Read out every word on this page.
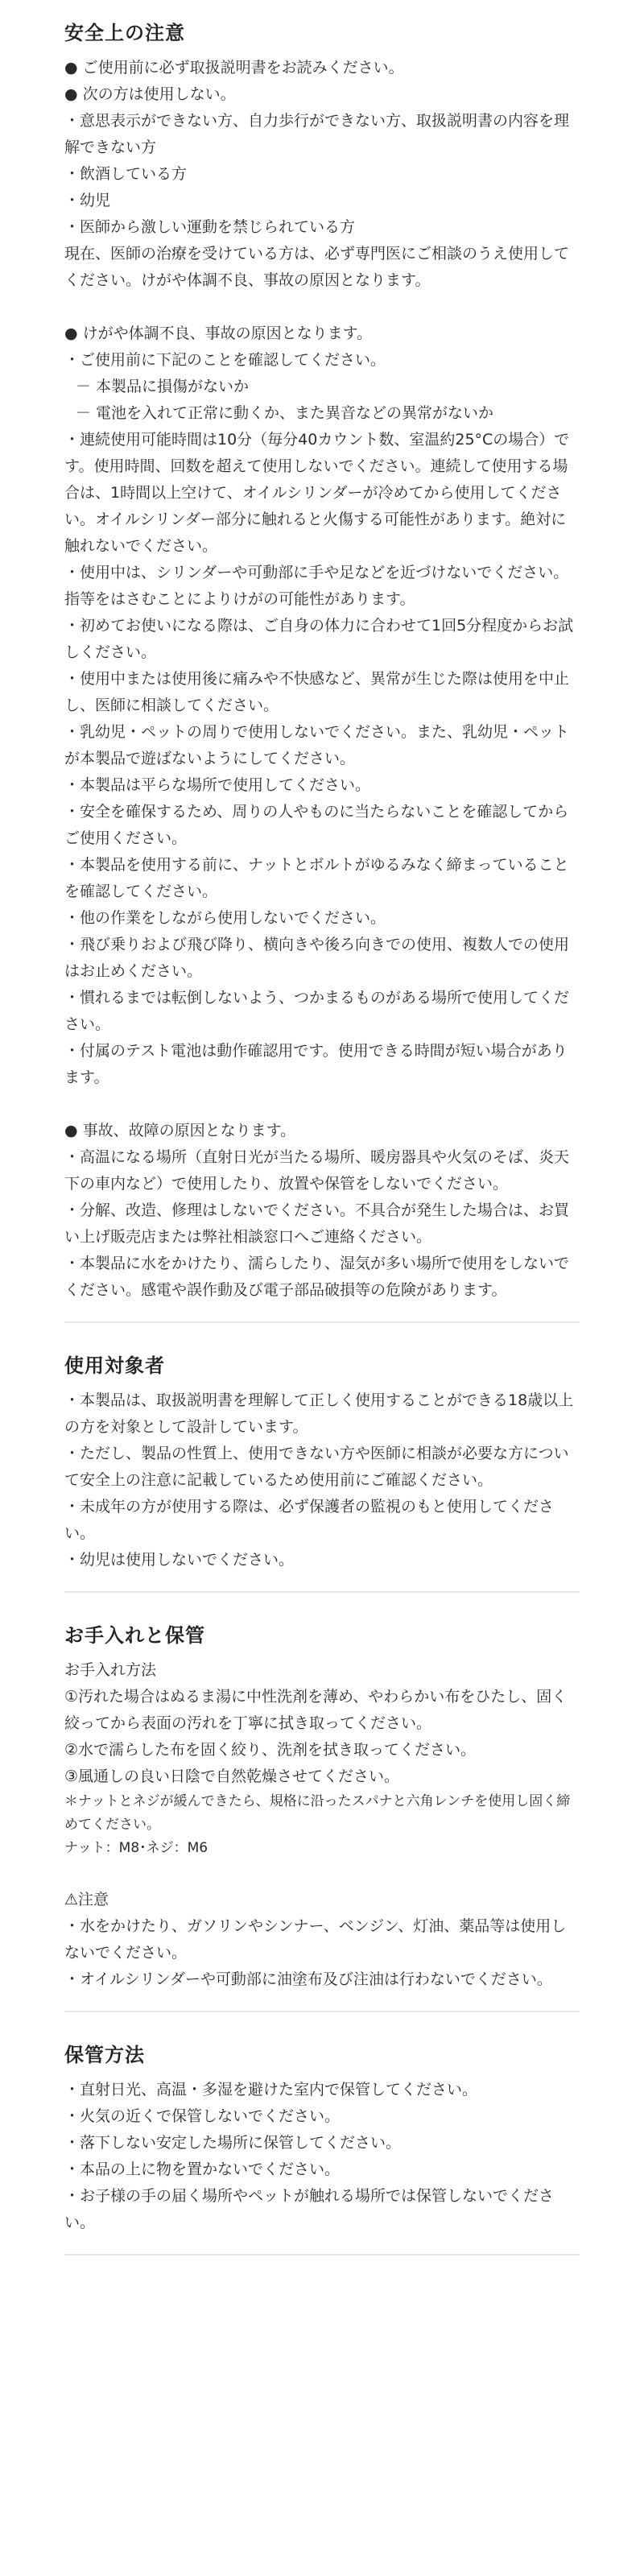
安全上の注意

● ご使用前に必ず取扱説明書をお読みください。

● 次の方は使用しない。

・意思表示ができない方、自力歩行ができない方、取扱説明書の内容を理解できない方

・飲酒している方

・幼児

・医師から激しい運動を禁じられている方

現在、医師の治療を受けている方は、必ず専門医にご相談のうえ使用してください。けがや体調不良、事故の原因となります。

● けがや体調不良、事故の原因となります。

・ご使用前に下記のことを確認してください。

－ 本製品に損傷がないか

－ 電池を入れて正常に動くか、また異音などの異常がないか

・連続使用可能時間は10分（毎分40カウント数、室温約25°Cの場合）です。使用時間、回数を超えて使用しないでください。連続して使用する場合は、1時間以上空けて、オイルシリンダーが冷めてから使用してください。オイルシリンダー部分に触れると火傷する可能性があります。絶対に触れないでください。

・使用中は、シリンダーや可動部に手や足などを近づけないでください。指等をはさむことによりけがの可能性があります。

・初めてお使いになる際は、ご自身の体力に合わせて1回5分程度からお試しください。

・使用中または使用後に痛みや不快感など、異常が生じた際は使用を中止し、医師に相談してください。

・乳幼児・ペットの周りで使用しないでください。また、乳幼児・ペットが本製品で遊ばないようにしてください。

・本製品は平らな場所で使用してください。

・安全を確保するため、周りの人やものに当たらないことを確認してからご使用ください。

・本製品を使用する前に、ナットとボルトがゆるみなく締まっていることを確認してください。

・他の作業をしながら使用しないでください。

・飛び乗りおよび飛び降り、横向きや後ろ向きでの使用、複数人での使用はお止めください。

・慣れるまでは転倒しないよう、つかまるものがある場所で使用してください。

・付属のテスト電池は動作確認用です。使用できる時間が短い場合があります。

● 事故、故障の原因となります。

・高温になる場所（直射日光が当たる場所、暖房器具や火気のそば、炎天下の車内など）で使用したり、放置や保管をしないでください。

・分解、改造、修理はしないでください。不具合が発生した場合は、お買い上げ販売店または弊社相談窓口へご連絡ください。

・本製品に水をかけたり、濡らしたり、湿気が多い場所で使用をしないでください。感電や誤作動及び電子部品破損等の危険があります。

使用対象者

・本製品は、取扱説明書を理解して正しく使用することができる18歳以上の方を対象として設計しています。

・ただし、製品の性質上、使用できない方や医師に相談が必要な方について安全上の注意に記載しているため使用前にご確認ください。

・未成年の方が使用する際は、必ず保護者の監視のもと使用してください。

・幼児は使用しないでください。

お手入れと保管

お手入れ方法

①汚れた場合はぬるま湯に中性洗剤を薄め、やわらかい布をひたし、固く絞ってから表面の汚れを丁寧に拭き取ってください。

②水で濡らした布を固く絞り、洗剤を拭き取ってください。

③風通しの良い日陰で自然乾燥させてください。

＊ナットとネジが緩んできたら、規格に沿ったスパナと六角レンチを使用し固く締めてください。

ナット：M8･ネジ：M6

⚠注意

・水をかけたり、ガソリンやシンナー、ベンジン、灯油、薬品等は使用しないでください。

・オイルシリンダーや可動部に油塗布及び注油は行わないでください。

保管方法

・直射日光、高温・多湿を避けた室内で保管してください。

・火気の近くで保管しないでください。

・落下しない安定した場所に保管してください。

・本品の上に物を置かないでください。

・お子様の手の届く場所やペットが触れる場所では保管しないでください。
